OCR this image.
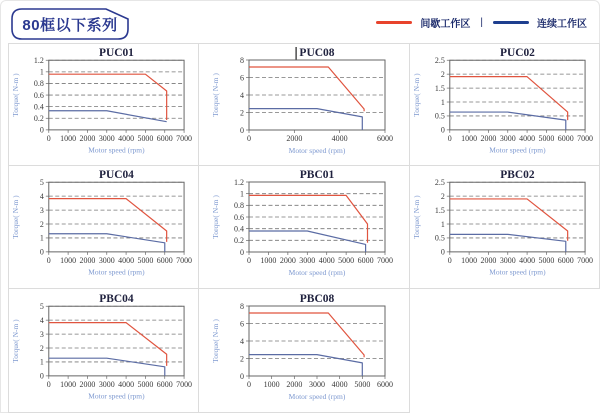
80框以下系列	间歇工作区 |	连续工作区
0
0.2
0.4
0.6
0.8
1
1.2
0 1000 2000 3000 4000 5000 6000 7000
PUC01
Motor speed (rpm)
Torque( N-m )
0
2
4
6
8
0	2000	4000	6000
PUC08
Motor speed (rpm)
Torque( N-m )
0
0.5
1
1.5
2
2.5
0 1000 2000 3000 4000 5000 6000 7000
PUC02
Motor speed (rpm)
Torque( N-m )
0
1
2
3
4
5
0 1000 2000 3000 4000 5000 6000 7000
PUC04
Motor speed (rpm)
Torque( N-m )
0
0.2
0.4
0.6
0.8
1
1.2
0 1000 2000 3000 4000 5000 6000 7000
PBC01
Motor speed (rpm)
Torque( N-m )
0
0.5
1
1.5
2
2.5
0 1000 2000 3000 4000 5000 6000 7000
PBC02
Motor speed (rpm)
Torque( N-m )
0
1
2
3
4
5
0 1000 2000 3000 4000 5000 6000 7000
PBC04
Motor speed (rpm)
Torque( N-m )
0
2
4
6
8
0 1000 2000 3000 4000 5000 6000
PBC08
Motor speed (rpm)
Torque( N-m )
